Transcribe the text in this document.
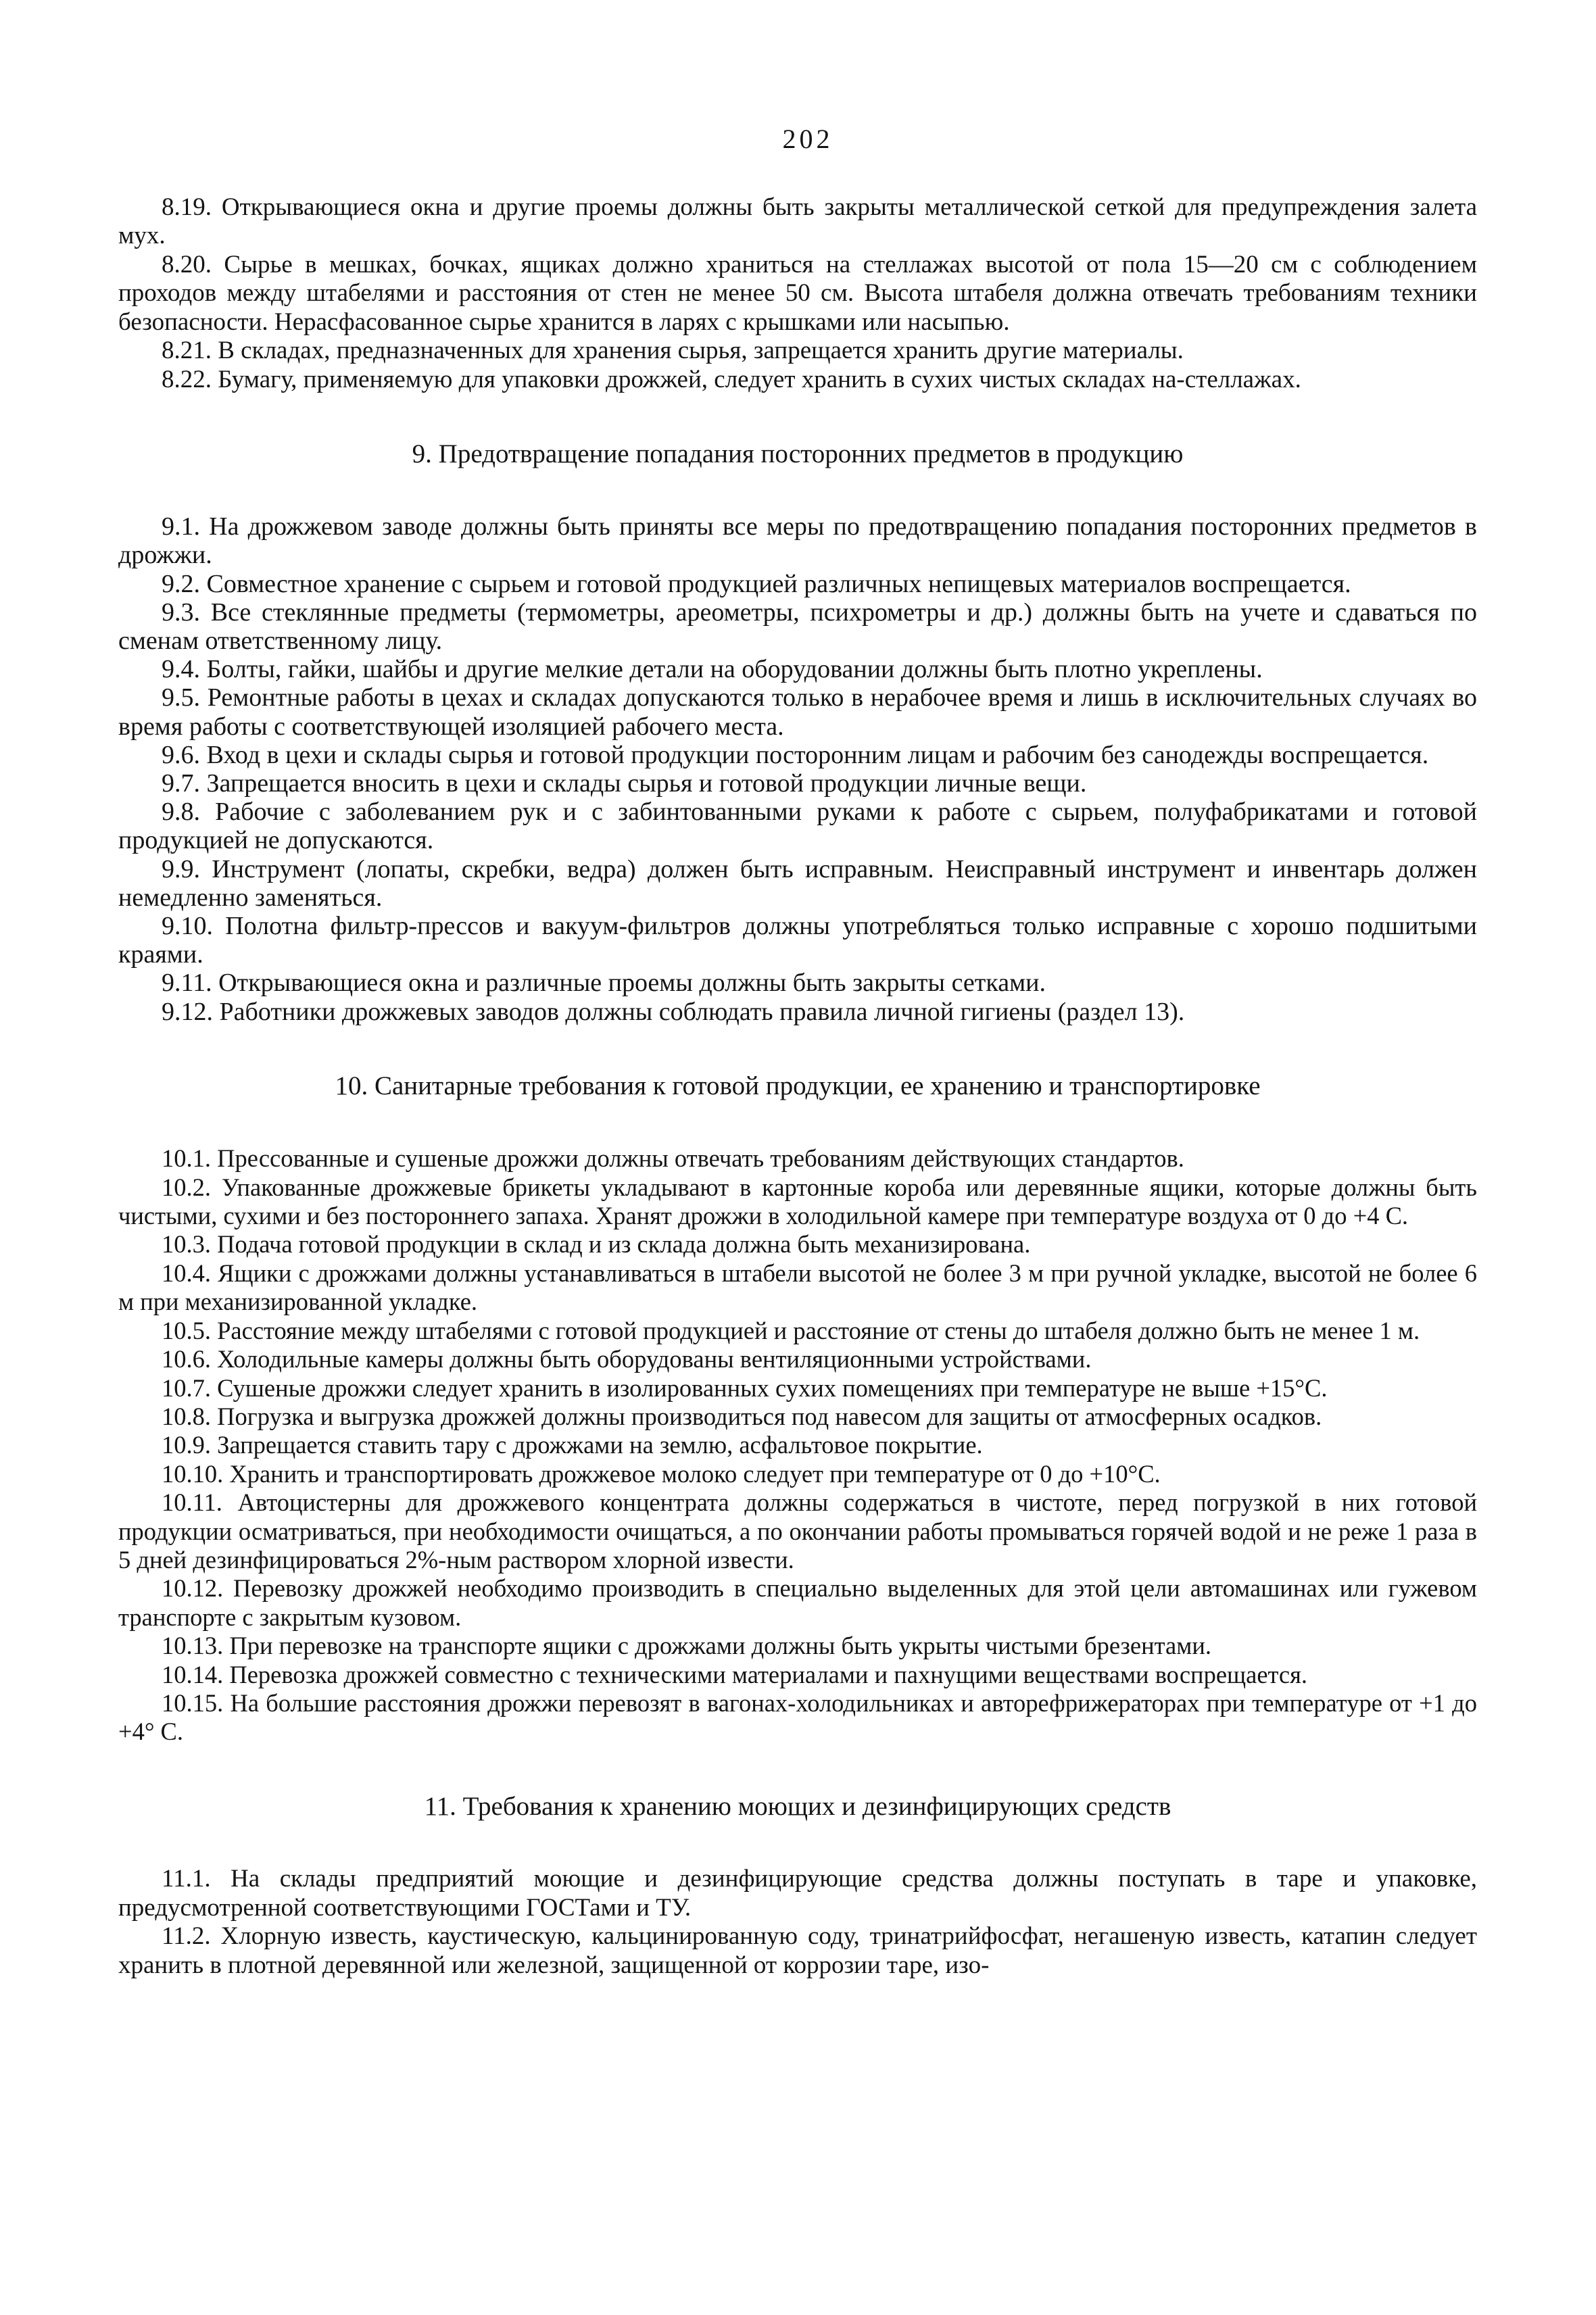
202

8.19. Открывающиеся окна и другие проемы должны быть закрыты металлической сеткой для предупреждения залета мух.

8.20. Сырье в мешках, бочках, ящиках должно храниться на стеллажах высотой от пола 15—20 см с соблюдением проходов между штабелями и расстояния от стен не менее 50 см. Высота штабеля должна отвечать требованиям техники безопасности. Нерасфасованное сырье хранится в ларях с крышками или насыпью.

8.21. В складах, предназначенных для хранения сырья, запрещается хранить другие материалы.

8.22. Бумагу, применяемую для упаковки дрожжей, следует хранить в сухих чистых складах на-стеллажах.

9. Предотвращение попадания посторонних предметов в продукцию

9.1. На дрожжевом заводе должны быть приняты все меры по предотвращению попадания посторонних предметов в дрожжи.

9.2. Совместное хранение с сырьем и готовой продукцией различных непищевых материалов воспрещается.

9.3. Все стеклянные предметы (термометры, ареометры, психрометры и др.) должны быть на учете и сдаваться по сменам ответственному лицу.

9.4. Болты, гайки, шайбы и другие мелкие детали на оборудовании должны быть плотно укреплены.

9.5. Ремонтные работы в цехах и складах допускаются только в нерабочее время и лишь в исключительных случаях во время работы с соответствующей изоляцией рабочего места.

9.6. Вход в цехи и склады сырья и готовой продукции посторонним лицам и рабочим без санодежды воспрещается.

9.7. Запрещается вносить в цехи и склады сырья и готовой продукции личные вещи.

9.8. Рабочие с заболеванием рук и с забинтованными руками к работе с сырьем, полуфабрикатами и готовой продукцией не допускаются.

9.9. Инструмент (лопаты, скребки, ведра) должен быть исправным. Неисправный инструмент и инвентарь должен немедленно заменяться.

9.10. Полотна фильтр-прессов и вакуум-фильтров должны употребляться только исправные с хорошо подшитыми краями.

9.11. Открывающиеся окна и различные проемы должны быть закрыты сетками.

9.12. Работники дрожжевых заводов должны соблюдать правила личной гигиены (раздел 13).

10. Санитарные требования к готовой продукции, ее хранению и транспортировке

10.1. Прессованные и сушеные дрожжи должны отвечать требованиям действующих стандартов.

10.2. Упакованные дрожжевые брикеты укладывают в картонные короба или деревянные ящики, которые должны быть чистыми, сухими и без постороннего запаха. Хранят дрожжи в холодильной камере при температуре воздуха от 0 до +4 С.

10.3. Подача готовой продукции в склад и из склада должна быть механизирована.

10.4. Ящики с дрожжами должны устанавливаться в штабели высотой не более 3 м при ручной укладке, высотой не более 6 м при механизированной укладке.

10.5. Расстояние между штабелями с готовой продукцией и расстояние от стены до штабеля должно быть не менее 1 м.

10.6. Холодильные камеры должны быть оборудованы вентиляционными устройствами.

10.7. Сушеные дрожжи следует хранить в изолированных сухих помещениях при температуре не выше +15°С.

10.8. Погрузка и выгрузка дрожжей должны производиться под навесом для защиты от атмосферных осадков.

10.9. Запрещается ставить тару с дрожжами на землю, асфальтовое покрытие.

10.10. Хранить и транспортировать дрожжевое молоко следует при температуре от 0 до +10°С.

10.11. Автоцистерны для дрожжевого концентрата должны содержаться в чистоте, перед погрузкой в них готовой продукции осматриваться, при необходимости очищаться, а по окончании работы промываться горячей водой и не реже 1 раза в 5 дней дезинфицироваться 2%-ным раствором хлорной извести.

10.12. Перевозку дрожжей необходимо производить в специально выделенных для этой цели автомашинах или гужевом транспорте с закрытым кузовом.

10.13. При перевозке на транспорте ящики с дрожжами должны быть укрыты чистыми брезентами.

10.14. Перевозка дрожжей совместно с техническими материалами и пахнущими веществами воспрещается.

10.15. На большие расстояния дрожжи перевозят в вагонах-холодильниках и авторефрижераторах при температуре от +1 до +4° С.

11. Требования к хранению моющих и дезинфицирующих средств

11.1. На склады предприятий моющие и дезинфицирующие средства должны поступать в таре и упаковке, предусмотренной соответствующими ГОСТами и ТУ.

11.2. Хлорную известь, каустическую, кальцинированную соду, тринатрийфосфат, негашеную известь, катапин следует хранить в плотной деревянной или железной, защищенной от коррозии таре, изо-
